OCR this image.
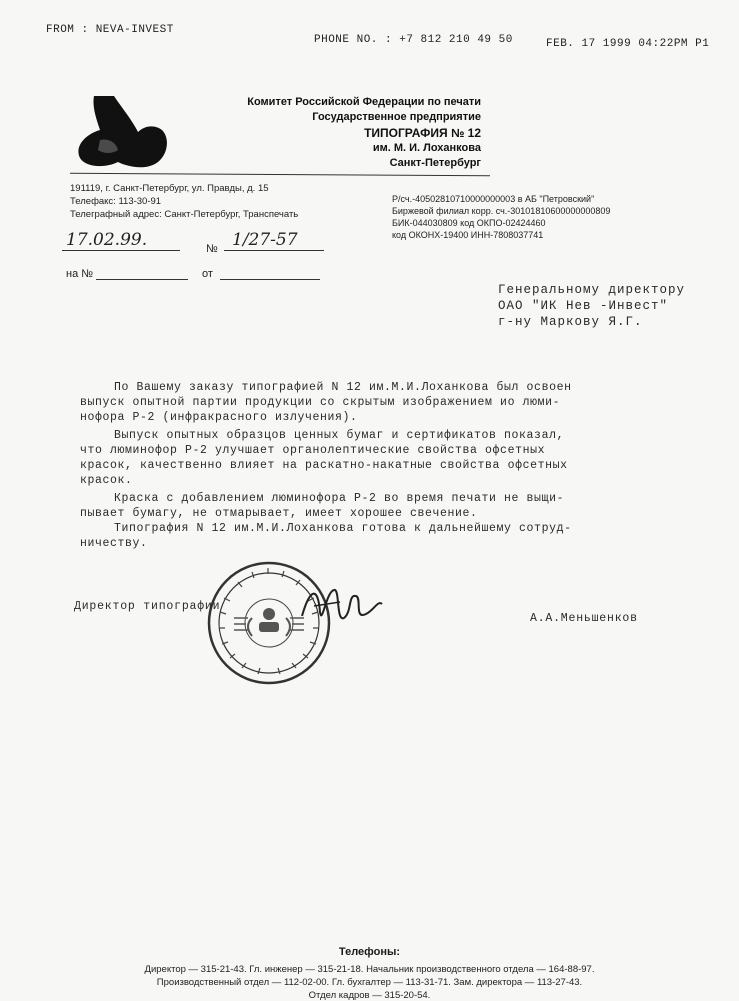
FROM : NEVA-INVEST
PHONE NO. : +7 812 210 49 50	FEB. 17 1999 04:22PM P1
Комитет Российской Федерации по печати
Государственное предприятие
ТИПОГРАФИЯ № 12
им. М. И. Лоханкова
Санкт-Петербург
191119, г. Санкт-Петербург, ул. Правды, д. 15
Телефакс: 113-30-91
Телеграфный адрес: Санкт-Петербург, Транспечать
Р/сч.-40502810710000000003 в АБ "Петровский"
Биржевой филиал корр. сч.-30101810600000000809
БИК-044030809 код ОКПО-02424460
код ОКОНХ-19400 ИНН-7808037741
17.02.99.	№ 1/27-57
на №	от
Генеральному директору
ОАО "ИК Нев -Инвест"
г-ну Маркову Я.Г.
По Вашему заказу типографией N 12 им.М.И.Лоханкова был освоен
выпуск опытной партии продукции со скрытым изображением ио люми-
нофора Р-2 (инфракрасного излучения).
Выпуск опытных образцов ценных бумаг и сертификатов показал,
что люминофор Р-2 улучшает органолептические свойства офсетных
красок, качественно влияет на раскатно-накатные свойства офсетных
красок.
Краска с добавлением люминофора Р-2 во время печати не выщи-
пывает бумагу, не отмарывает, имеет хорошее свечение.
Типография N 12 им.М.И.Лоханкова готова к дальнейшему сотруд-
ничеству.
Директор типографии
А.А.Меньшенков
Телефоны:
Директор — 315-21-43. Гл. инженер — 315-21-18. Начальник производственного отдела — 164-88-97.
Производственный отдел — 112-02-00. Гл. бухгалтер — 113-31-71. Зам. директора — 113-27-43.
Отдел кадров — 315-20-54.
